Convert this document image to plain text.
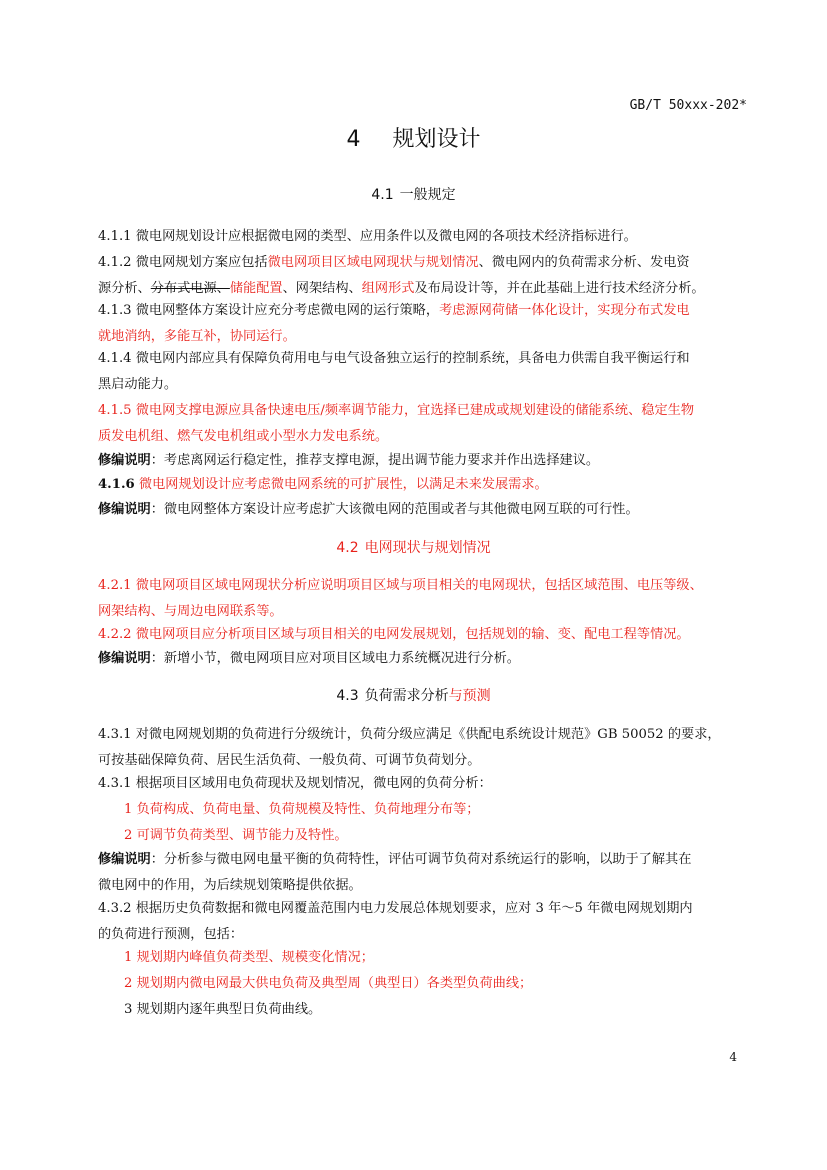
GB/T 50xxx-202*
4 规划设计
4.1 一般规定
4.1.1 微电网规划设计应根据微电网的类型、应用条件以及微电网的各项技术经济指标进行。
4.1.2 微电网规划方案应包括微电网项目区域电网现状与规划情况、微电网内的负荷需求分析、发电资
源分析、分布式电源、储能配置、网架结构、组网形式及布局设计等，并在此基础上进行技术经济分析。
4.1.3 微电网整体方案设计应充分考虑微电网的运行策略，考虑源网荷储一体化设计，实现分布式发电
就地消纳，多能互补，协同运行。
4.1.4 微电网内部应具有保障负荷用电与电气设备独立运行的控制系统，具备电力供需自我平衡运行和
黑启动能力。
4.1.5 微电网支撑电源应具备快速电压/频率调节能力，宜选择已建成或规划建设的储能系统、稳定生物
质发电机组、燃气发电机组或小型水力发电系统。
修编说明：考虑离网运行稳定性，推荐支撑电源，提出调节能力要求并作出选择建议。
4.1.6 微电网规划设计应考虑微电网系统的可扩展性，以满足未来发展需求。
修编说明：微电网整体方案设计应考虑扩大该微电网的范围或者与其他微电网互联的可行性。
4.2 电网现状与规划情况
4.2.1 微电网项目区域电网现状分析应说明项目区域与项目相关的电网现状，包括区域范围、电压等级、
网架结构、与周边电网联系等。
4.2.2 微电网项目应分析项目区域与项目相关的电网发展规划，包括规划的输、变、配电工程等情况。
修编说明：新增小节，微电网项目应对项目区域电力系统概况进行分析。
4.3 负荷需求分析与预测
4.3.1 对微电网规划期的负荷进行分级统计，负荷分级应满足《供配电系统设计规范》GB 50052 的要求，
可按基础保障负荷、居民生活负荷、一般负荷、可调节负荷划分。
4.3.1 根据项目区域用电负荷现状及规划情况，微电网的负荷分析：
1 负荷构成、负荷电量、负荷规模及特性、负荷地理分布等；
2 可调节负荷类型、调节能力及特性。
修编说明：分析参与微电网电量平衡的负荷特性，评估可调节负荷对系统运行的影响，以助于了解其在
微电网中的作用，为后续规划策略提供依据。
4.3.2 根据历史负荷数据和微电网覆盖范围内电力发展总体规划要求，应对 3 年～5 年微电网规划期内
的负荷进行预测，包括：
1 规划期内峰值负荷类型、规模变化情况；
2 规划期内微电网最大供电负荷及典型周（典型日）各类型负荷曲线；
3 规划期内逐年典型日负荷曲线。
4
